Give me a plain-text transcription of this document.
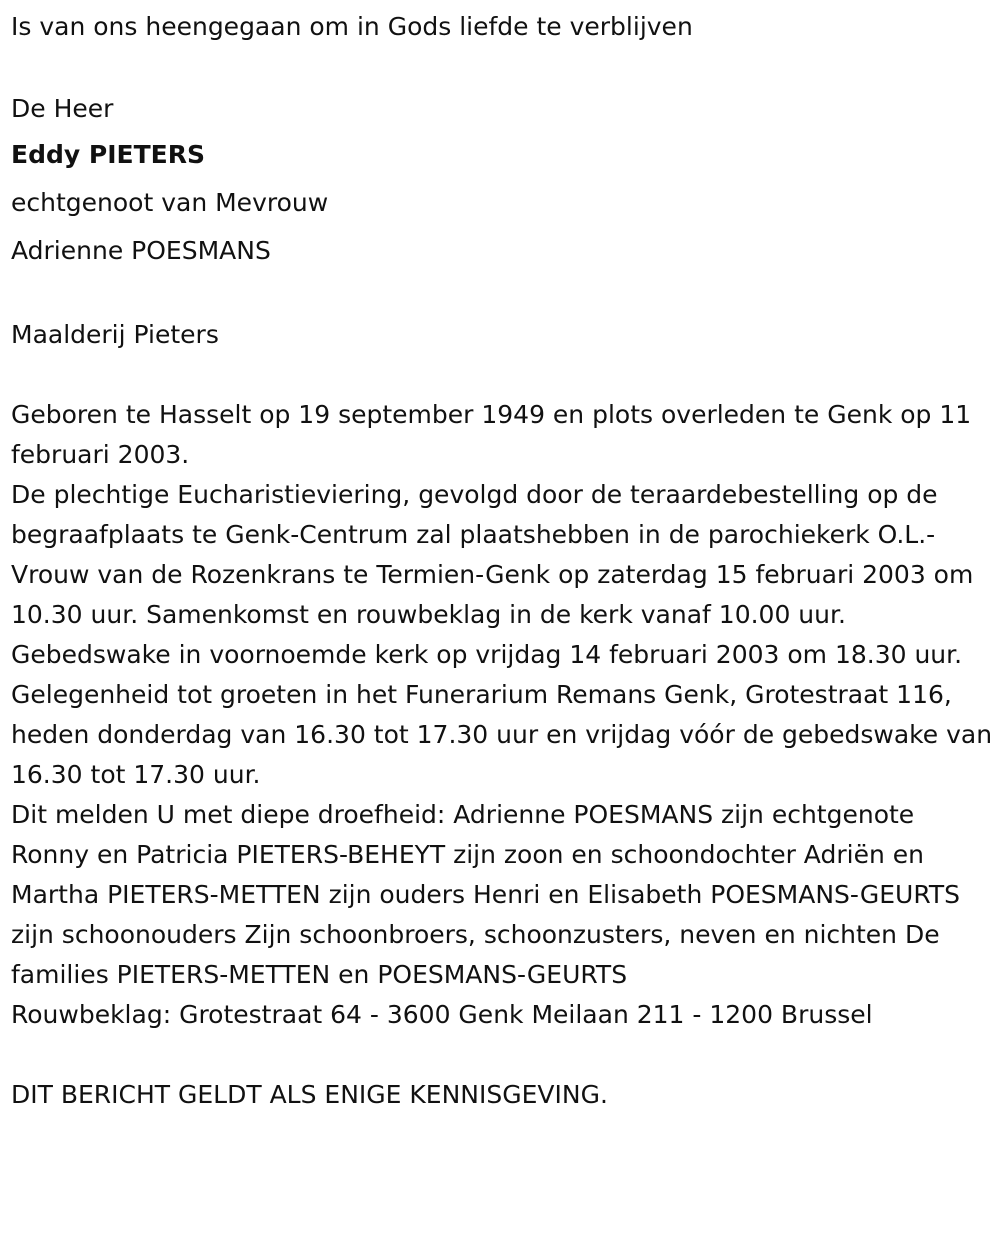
Is van ons heengegaan om in Gods liefde te verblijven

De Heer

Eddy PIETERS

echtgenoot van Mevrouw

Adrienne POESMANS

Maalderij Pieters

Geboren te Hasselt op 19 september 1949 en plots overleden te Genk op 11 februari 2003.

De plechtige Eucharistieviering, gevolgd door de teraardebestelling op de begraafplaats te Genk-Centrum zal plaatshebben in de parochiekerk O.L.- Vrouw van de Rozenkrans te Termien-Genk op zaterdag 15 februari 2003 om 10.30 uur. Samenkomst en rouwbeklag in de kerk vanaf 10.00 uur. Gebedswake in voornoemde kerk op vrijdag 14 februari 2003 om 18.30 uur. Gelegenheid tot groeten in het Funerarium Remans Genk, Grotestraat 116, heden donderdag van 16.30 tot 17.30 uur en vrijdag vóór de gebedswake van 16.30 tot 17.30 uur.

Dit melden U met diepe droefheid: Adrienne POESMANS zijn echtgenote Ronny en Patricia PIETERS-BEHEYT zijn zoon en schoondochter Adriën en Martha PIETERS-METTEN zijn ouders Henri en Elisabeth POESMANS-GEURTS zijn schoonouders Zijn schoonbroers, schoonzusters, neven en nichten De families PIETERS-METTEN en POESMANS-GEURTS

Rouwbeklag: Grotestraat 64 - 3600 Genk Meilaan 211 - 1200 Brussel

DIT BERICHT GELDT ALS ENIGE KENNISGEVING.
